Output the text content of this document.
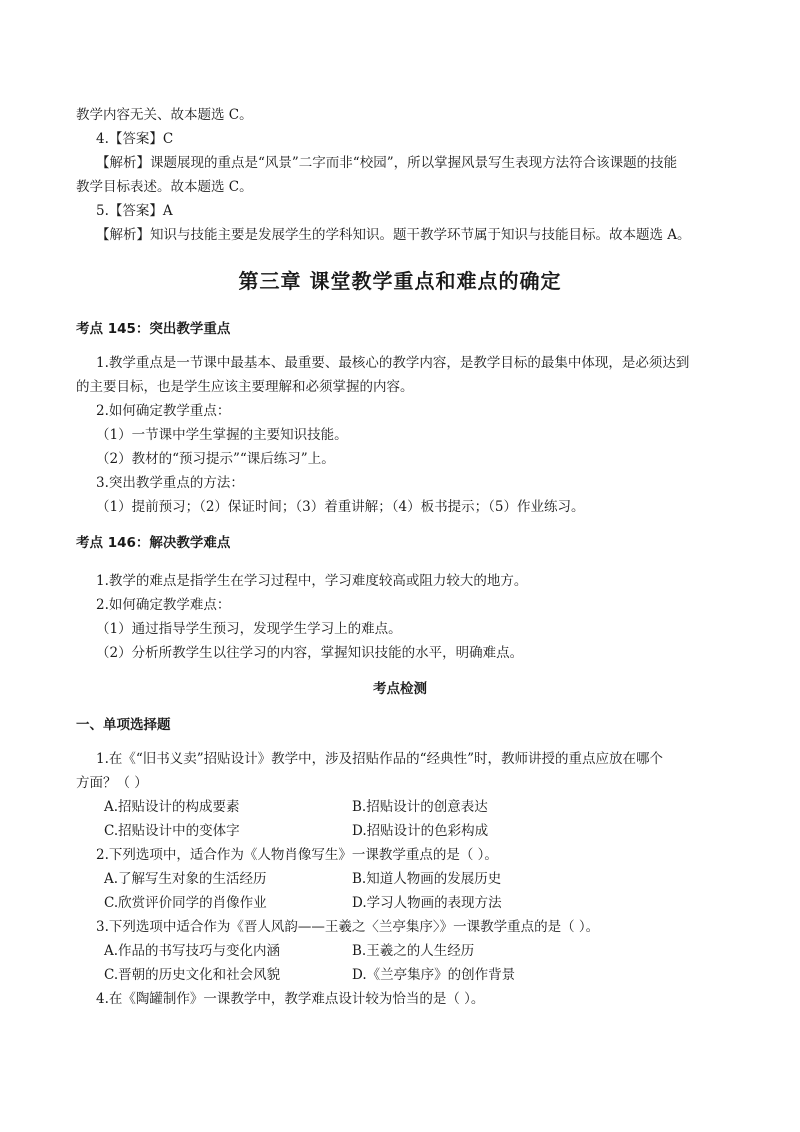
教学内容无关、故本题选 C。
4.【答案】C
【解析】课题展现的重点是“风景”二字而非“校园”，所以掌握风景写生表现方法符合该课题的技能
教学目标表述。故本题选 C。
5.【答案】A
【解析】知识与技能主要是发展学生的学科知识。题干教学环节属于知识与技能目标。故本题选 A。
第三章 课堂教学重点和难点的确定
考点 145：突出教学重点
1.教学重点是一节课中最基本、最重要、最核心的教学内容，是教学目标的最集中体现，是必须达到
的主要目标，也是学生应该主要理解和必须掌握的内容。
2.如何确定教学重点：
（1）一节课中学生掌握的主要知识技能。
（2）教材的“预习提示”“课后练习”上。
3.突出教学重点的方法：
（1）提前预习；（2）保证时间；（3）着重讲解；（4）板书提示；（5）作业练习。
考点 146：解决教学难点
1.教学的难点是指学生在学习过程中，学习难度较高或阻力较大的地方。
2.如何确定教学难点：
（1）通过指导学生预习，发现学生学习上的难点。
（2）分析所教学生以往学习的内容，掌握知识技能的水平，明确难点。
考点检测
一、单项选择题
1.在《“旧书义卖”招贴设计》教学中，涉及招贴作品的“经典性”时，教师讲授的重点应放在哪个
方面？（ ）
A.招贴设计的构成要素	B.招贴设计的创意表达
C.招贴设计中的变体字	D.招贴设计的色彩构成
2.下列选项中，适合作为《人物肖像写生》一课教学重点的是（ ）。
A.了解写生对象的生活经历	B.知道人物画的发展历史
C.欣赏评价同学的肖像作业	D.学习人物画的表现方法
3.下列选项中适合作为《晋人风韵——王羲之〈兰亭集序〉》一课教学重点的是（ ）。
A.作品的书写技巧与变化内涵	B.王羲之的人生经历
C.晋朝的历史文化和社会风貌	D.《兰亭集序》的创作背景
4.在《陶罐制作》一课教学中，教学难点设计较为恰当的是（ ）。
